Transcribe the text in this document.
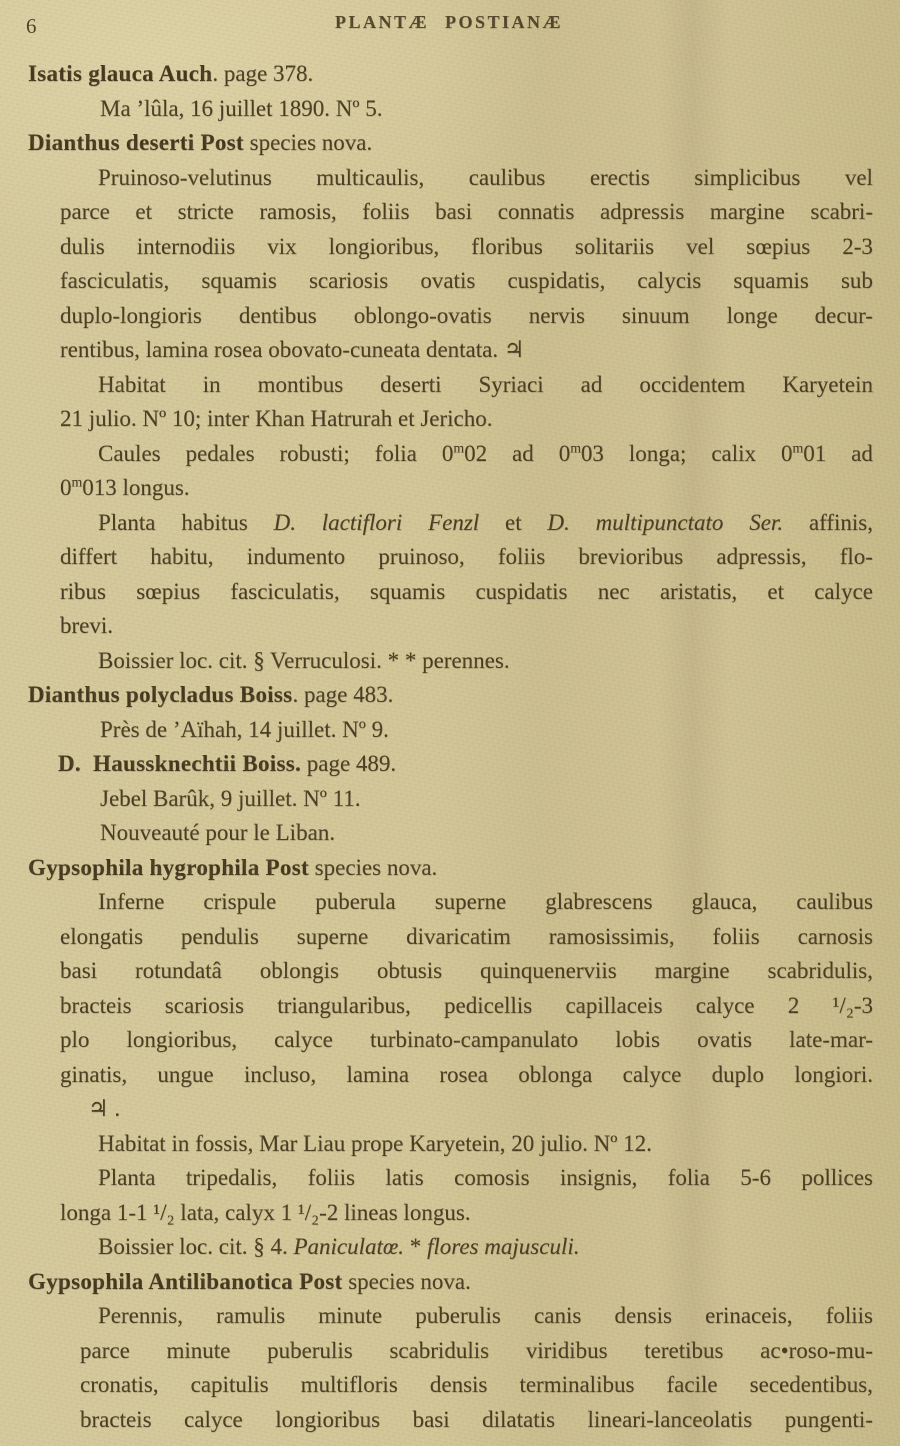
6	PLANTÆ POSTIANÆ
Isatis glauca Auch. page 378.
Ma ’lûla, 16 juillet 1890. Nº 5.
Dianthus deserti Post species nova.
Pruinoso-velutinus multicaulis, caulibus erectis simplicibus vel
parce et stricte ramosis, foliis basi connatis adpressis margine scabri-
dulis internodiis vix longioribus, floribus solitariis vel sœpius 2-3
fasciculatis, squamis scariosis ovatis cuspidatis, calycis squamis sub
duplo-longioris dentibus oblongo-ovatis nervis sinuum longe decur-
rentibus, lamina rosea obovato-cuneata dentata. ♃
Habitat in montibus deserti Syriaci ad occidentem Karyetein
21 julio. Nº 10; inter Khan Hatrurah et Jericho.
Caules pedales robusti; folia 0$^m$02 ad 0$^m$03 longa; calix 0$^m$01 ad
0$^m$013 longus.
Planta habitus D. lactiflori Fenzl et D. multipunctato Ser. affinis,
differt habitu, indumento pruinoso, foliis brevioribus adpressis, flo-
ribus sœpius fasciculatis, squamis cuspidatis nec aristatis, et calyce
brevi.
Boissier loc. cit. § Verruculosi. * * perennes.
Dianthus polycladus Boiss. page 483.
Près de ’Aïhah, 14 juillet. Nº 9.
D.  Haussknechtii Boiss. page 489.
Jebel Barûk, 9 juillet. Nº 11.
Nouveauté pour le Liban.
Gypsophila hygrophila Post species nova.
Inferne crispule puberula superne glabrescens glauca, caulibus
elongatis pendulis superne divaricatim ramosissimis, foliis carnosis
basi rotundatâ oblongis obtusis quinquenerviis margine scabridulis,
bracteis scariosis triangularibus, pedicellis capillaceis calyce 2 ¹/₂-3
plo longioribus, calyce turbinato-campanulato lobis ovatis late-mar-
ginatis, ungue incluso, lamina rosea oblonga calyce duplo longiori.
♃ .
Habitat in fossis, Mar Liau prope Karyetein, 20 julio. Nº 12.
Planta tripedalis, foliis latis comosis insignis, folia 5-6 pollices
longa 1-1 ¹/₂ lata, calyx 1 ¹/₂-2 lineas longus.
Boissier loc. cit. § 4. Paniculatœ. * flores majusculi.
Gypsophila Antilibanotica Post species nova.
Perennis, ramulis minute puberulis canis densis erinaceis, foliis
parce minute puberulis scabridulis viridibus teretibus ac•roso-mu-
cronatis, capitulis multifloris densis terminalibus facile secedentibus,
bracteis calyce longioribus basi dilatatis lineari-lanceolatis pungenti-
